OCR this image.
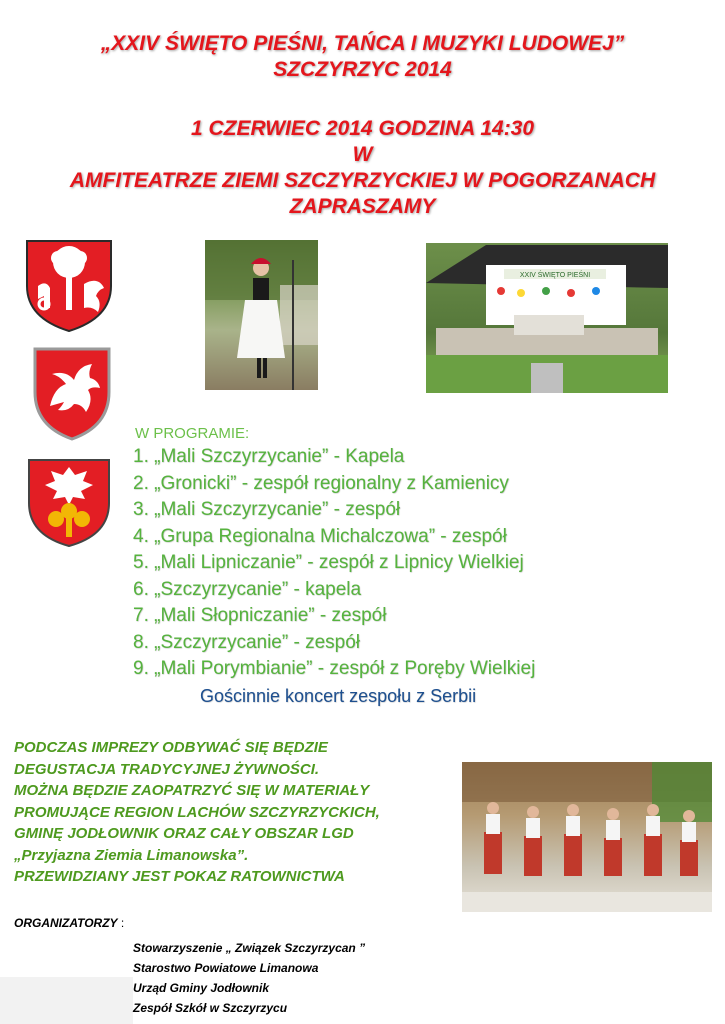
„XXIV ŚWIĘTO PIEŚNI, TAŃCA I MUZYKI LUDOWEJ”
SZCZYRZYC 2014
1 CZERWIEC 2014 GODZINA 14:30
W
AMFITEATRZE ZIEMI SZCZYRZYCKIEJ W POGORZANACH
ZAPRASZAMY
XXIV ŚWIĘTO PIEŚNI
W PROGRAMIE:
1. „Mali Szczyrzycanie” - Kapela
2. „Gronicki” - zespół regionalny z Kamienicy
3. „Mali Szczyrzycanie” - zespół
4. „Grupa Regionalna Michalczowa” - zespół
5. „Mali Lipniczanie” - zespół z Lipnicy Wielkiej
6. „Szczyrzycanie” - kapela
7. „Mali Słopniczanie” - zespół
8. „Szczyrzycanie” - zespół
9. „Mali Porymbianie” - zespół z Poręby Wielkiej
Gościnnie koncert zespołu z Serbii
PODCZAS IMPREZY ODBYWAĆ SIĘ BĘDZIE
DEGUSTACJA TRADYCYJNEJ ŻYWNOŚCI.
MOŻNA BĘDZIE ZAOPATRZYĆ SIĘ W MATERIAŁY
PROMUJĄCE REGION LACHÓW SZCZYRZYCKICH,
GMINĘ JODŁOWNIK ORAZ CAŁY OBSZAR LGD
„Przyjazna Ziemia Limanowska”.
PRZEWIDZIANY JEST POKAZ RATOWNICTWA
ORGANIZATORZY :
Stowarzyszenie „ Związek Szczyrzycan ”
Starostwo Powiatowe Limanowa
Urząd Gminy Jodłownik
Zespół Szkół w Szczyrzycu
